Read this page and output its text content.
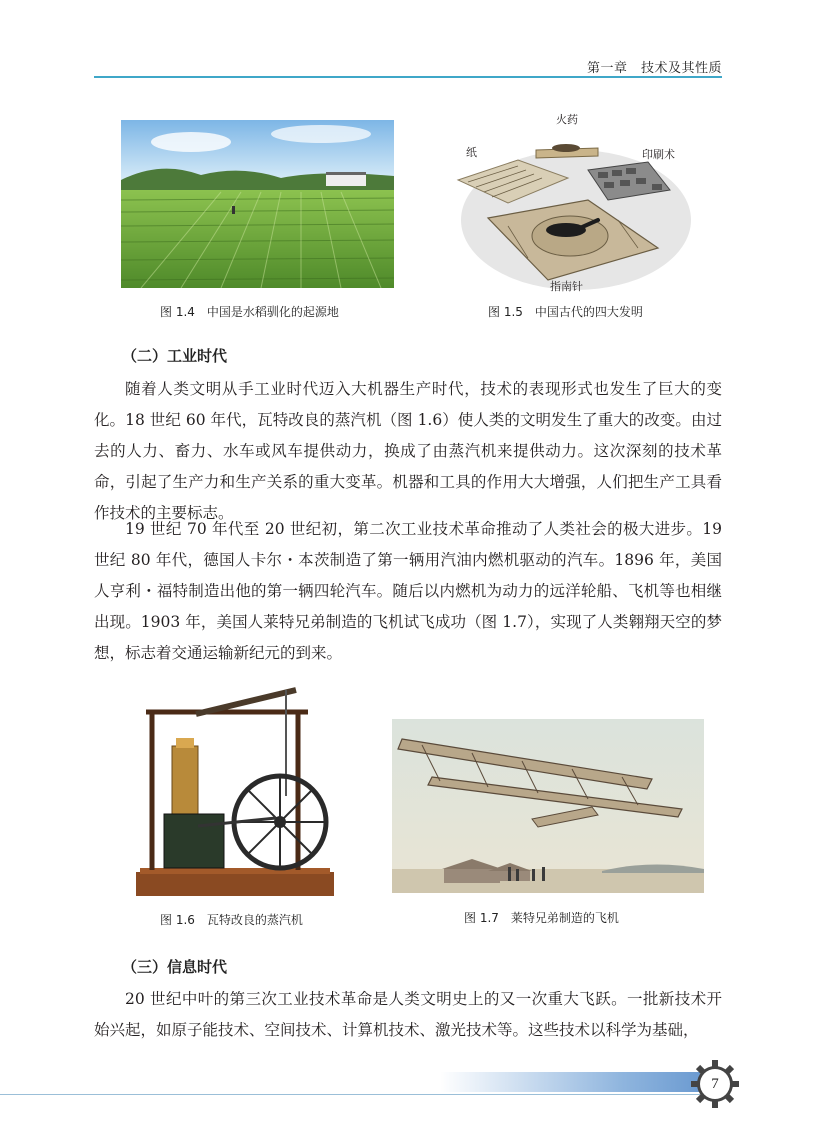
第一章　技术及其性质
图 1.4 中国是水稻驯化的起源地
火药
纸	印刷术
指南针
图 1.5 中国古代的四大发明
（二）工业时代

随着人类文明从手工业时代迈入大机器生产时代，技术的表现形式也发生了巨大的变化。18 世纪 60 年代，瓦特改良的蒸汽机（图 1.6）使人类的文明发生了重大的改变。由过去的人力、畜力、水车或风车提供动力，换成了由蒸汽机来提供动力。这次深刻的技术革命，引起了生产力和生产关系的重大变革。机器和工具的作用大大增强，人们把生产工具看作技术的主要标志。

19 世纪 70 年代至 20 世纪初，第二次工业技术革命推动了人类社会的极大进步。19 世纪 80 年代，德国人卡尔・本茨制造了第一辆用汽油内燃机驱动的汽车。1896 年，美国人亨利・福特制造出他的第一辆四轮汽车。随后以内燃机为动力的远洋轮船、飞机等也相继出现。1903 年，美国人莱特兄弟制造的飞机试飞成功（图 1.7），实现了人类翱翔天空的梦想，标志着交通运输新纪元的到来。

图 1.6 瓦特改良的蒸汽机	图 1.7 莱特兄弟制造的飞机
（三）信息时代

20 世纪中叶的第三次工业技术革命是人类文明史上的又一次重大飞跃。一批新技术开始兴起，如原子能技术、空间技术、计算机技术、激光技术等。这些技术以科学为基础，

7
